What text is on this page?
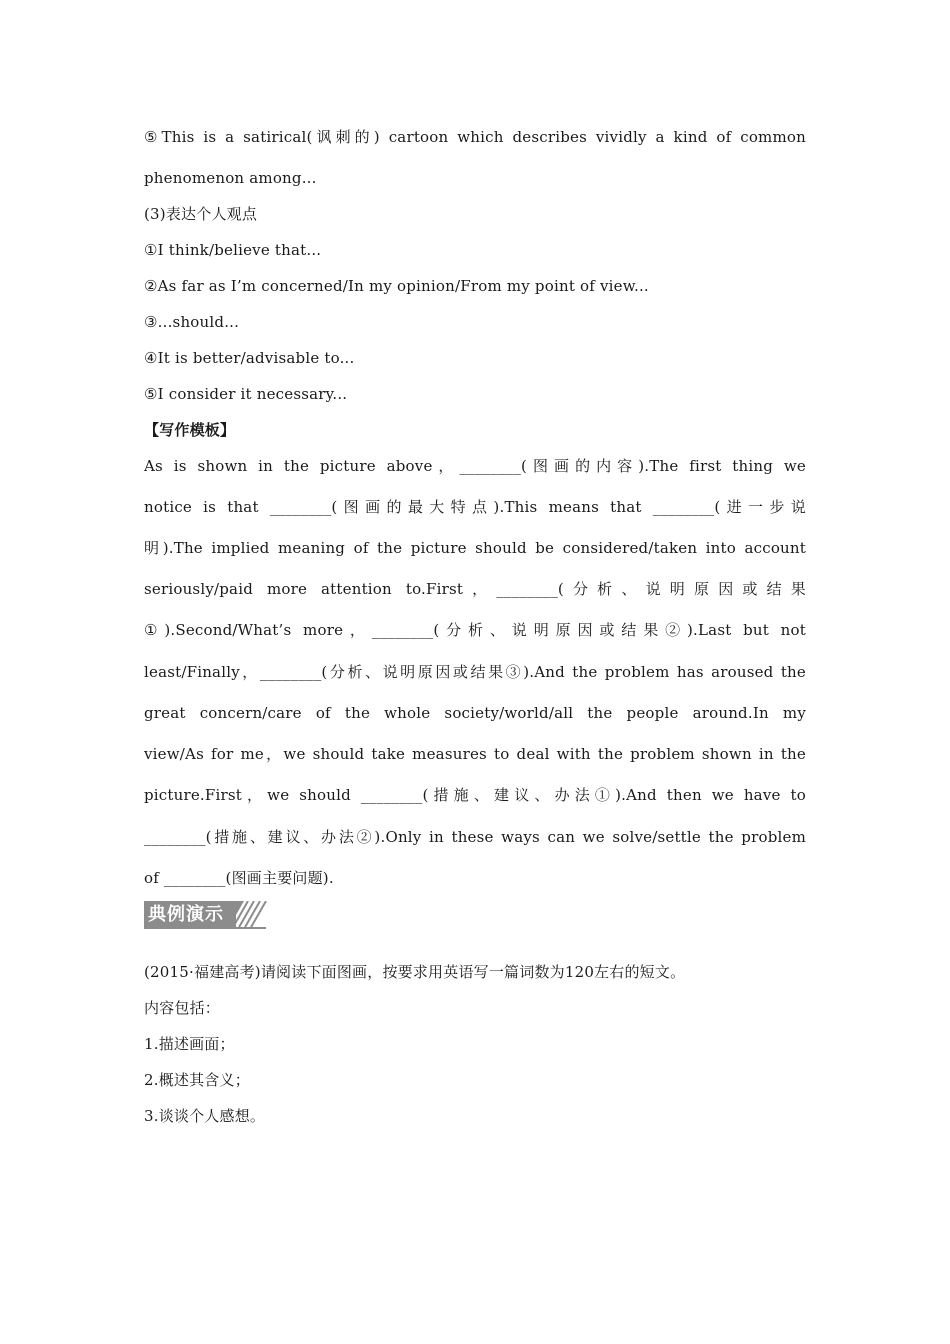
⑤This is a satirical(讽刺的) cartoon which describes vividly a kind of common
phenomenon among...
(3)表达个人观点
①I think/believe that...
②As far as I’m concerned/In my opinion/From my point of view...
③...should...
④It is better/advisable to...
⑤I consider it necessary...
【写作模板】
As is shown in the picture above，________(图画的内容).The first thing we
notice is that ________(图画的最大特点).This means that ________(进一步说
明).The implied meaning of the picture should be considered/taken into account
seriously/paid more attention to.First，________(分析、说明原因或结果
①).Second/What’s more，________(分析、说明原因或结果②).Last but not
least/Finally，________(分析、说明原因或结果③).And the problem has aroused the
great concern/care of the whole society/world/all the people around.In my
view/As for me，we should take measures to deal with the problem shown in the
picture.First，we should ________(措施、建议、办法①).And then we have to
________(措施、建议、办法②).Only in these ways can we solve/settle the problem
of ________(图画主要问题).
典例演示
(2015·福建高考)请阅读下面图画，按要求用英语写一篇词数为120左右的短文。
内容包括：
1.描述画面；
2.概述其含义；
3.谈谈个人感想。
